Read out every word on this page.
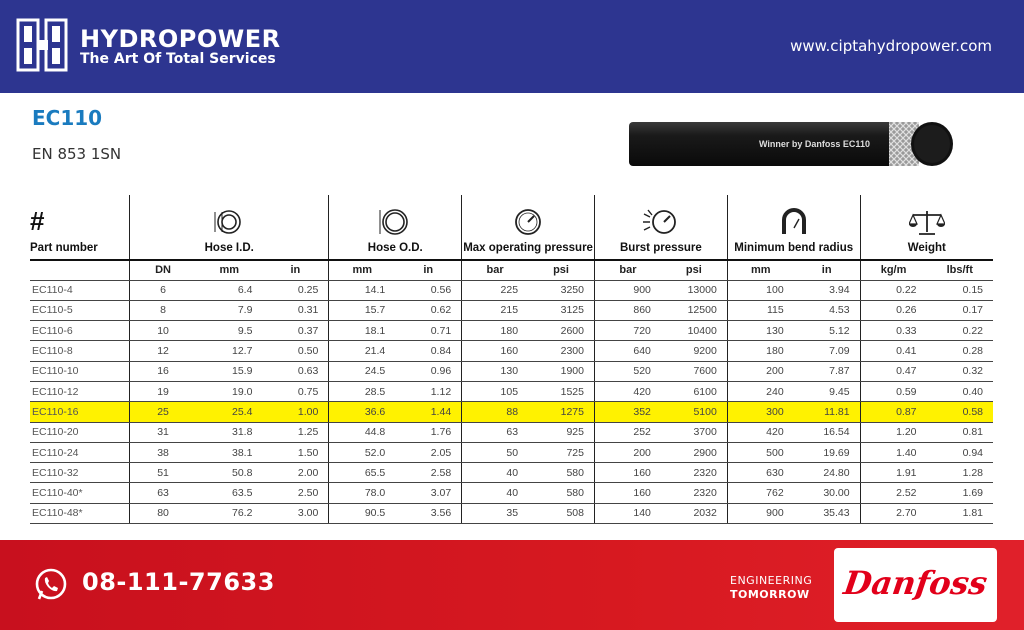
HYDROPOWER
The Art Of Total Services
www.ciptahydropower.com
EC110
EN 853 1SN
Winner by Danfoss EC110
#
Part number	Hose I.D.			Hose O.D.		Max operating pressure		Burst pressure		Minimum bend radius		Weight	
	DN	mm	in	mm	in	bar	psi	bar	psi	mm	in	kg/m	lbs/ft
EC110-4	6	6.4	0.25	14.1	0.56	225	3250	900	13000	100	3.94	0.22	0.15
EC110-5	8	7.9	0.31	15.7	0.62	215	3125	860	12500	115	4.53	0.26	0.17
EC110-6	10	9.5	0.37	18.1	0.71	180	2600	720	10400	130	5.12	0.33	0.22
EC110-8	12	12.7	0.50	21.4	0.84	160	2300	640	9200	180	7.09	0.41	0.28
EC110-10	16	15.9	0.63	24.5	0.96	130	1900	520	7600	200	7.87	0.47	0.32
EC110-12	19	19.0	0.75	28.5	1.12	105	1525	420	6100	240	9.45	0.59	0.40
EC110-16	25	25.4	1.00	36.6	1.44	88	1275	352	5100	300	11.81	0.87	0.58
EC110-20	31	31.8	1.25	44.8	1.76	63	925	252	3700	420	16.54	1.20	0.81
EC110-24	38	38.1	1.50	52.0	2.05	50	725	200	2900	500	19.69	1.40	0.94
EC110-32	51	50.8	2.00	65.5	2.58	40	580	160	2320	630	24.80	1.91	1.28
EC110-40*	63	63.5	2.50	78.0	3.07	40	580	160	2320	762	30.00	2.52	1.69
EC110-48*	80	76.2	3.00	90.5	3.56	35	508	140	2032	900	35.43	2.70	1.81
08-111-77633	ENGINEERING
TOMORROW Danfoss
